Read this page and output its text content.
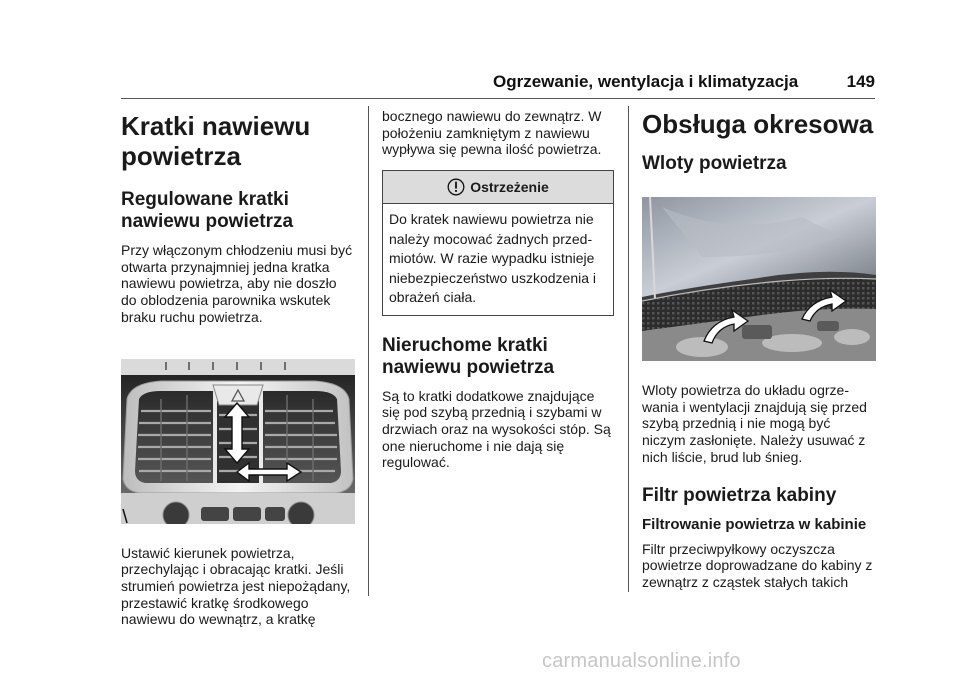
Ogrzewanie, wentylacja i klimatyzacja	149
Kratki nawiewu powietrza
Regulowane kratki nawiewu powietrza

Przy włączonym chłodzeniu musi być otwarta przynajmniej jedna kratka nawiewu powietrza, aby nie doszło do oblodzenia parownika wskutek braku ruchu powietrza.

Ustawić kierunek powietrza, przechylając i obracając kratki. Jeśli strumień powietrza jest niepożądany, przestawić kratkę środkowego nawiewu do wewnątrz, a kratkę

bocznego nawiewu do zewnątrz. W położeniu zamkniętym z nawiewu wypływa się pewna ilość powietrza.

Ostrzeżenie
Do kratek nawiewu powietrza nie należy mocować żadnych przedmiotów. W razie wypadku istnieje niebezpieczeństwo uszkodzenia i obrażeń ciała.
Nieruchome kratki nawiewu powietrza

Są to kratki dodatkowe znajdujące się pod szybą przednią i szybami w drzwiach oraz na wysokości stóp. Są one nieruchome i nie dają się regulować.

Obsługa okresowa
Wloty powietrza

Wloty powietrza do układu ogrzewania i wentylacji znajdują się przed szybą przednią i nie mogą być niczym zasłonięte. Należy usuwać z nich liście, brud lub śnieg.

Filtr powietrza kabiny
Filtrowanie powietrza w kabinie

Filtr przeciwpyłkowy oczyszcza powietrze doprowadzane do kabiny z zewnątrz z cząstek stałych takich

carmanualsonline.info
